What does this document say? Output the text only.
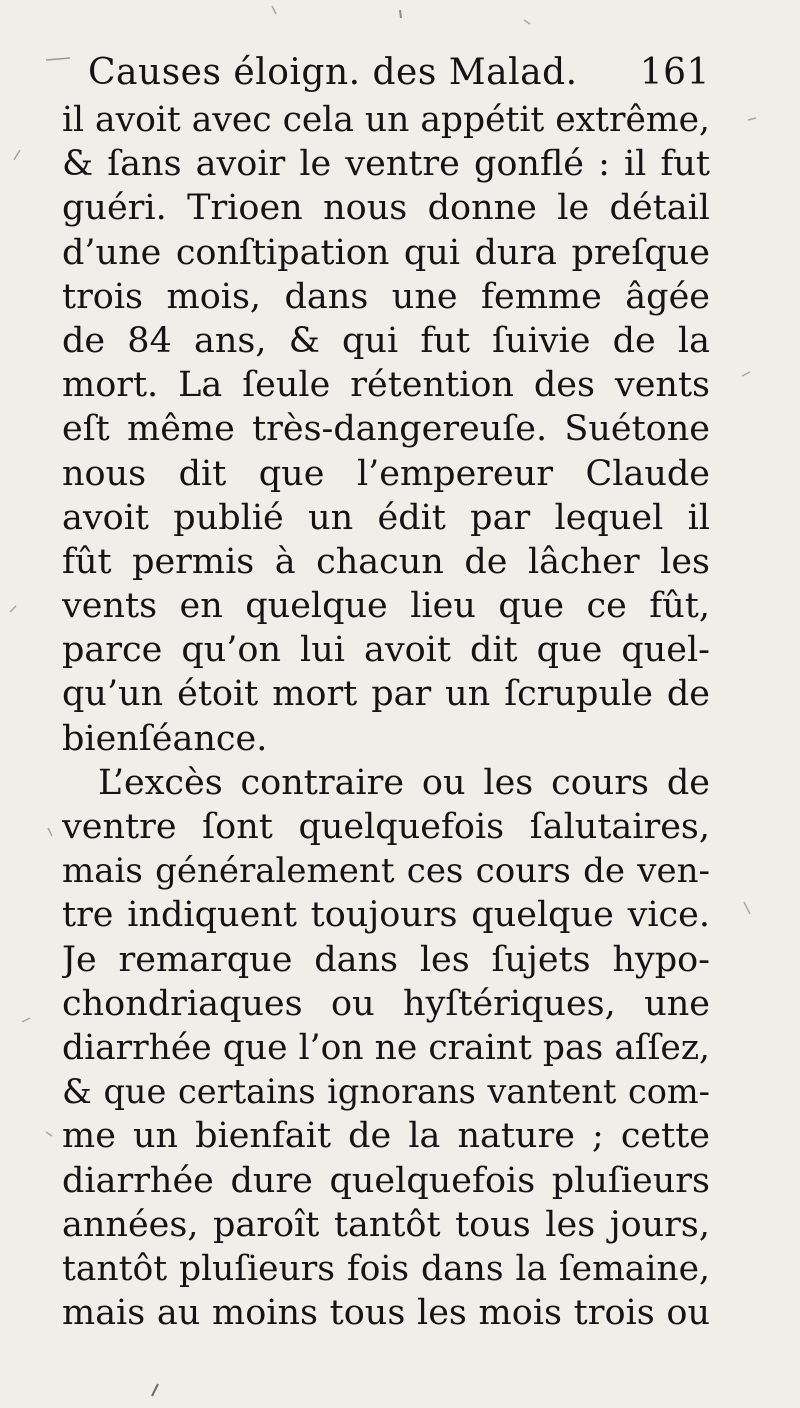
Causes éloign. des Malad. 161
il avoit avec cela un appétit extrême,
& ſans avoir le ventre gonflé : il fut
guéri. Trioen nous donne le détail
d’une conſtipation qui dura preſque
trois mois, dans une femme âgée
de 84 ans, & qui fut ſuivie de la
mort. La ſeule rétention des vents
eſt même très-dangereuſe. Suétone
nous dit que l’empereur Claude
avoit publié un édit par lequel il
fût permis à chacun de lâcher les
vents en quelque lieu que ce fût,
parce qu’on lui avoit dit que quel-
qu’un étoit mort par un ſcrupule de
bienſéance.
L’excès contraire ou les cours de
ventre ſont quelquefois ſalutaires,
mais généralement ces cours de ven-
tre indiquent toujours quelque vice.
Je remarque dans les ſujets hypo-
chondriaques ou hyſtériques, une
diarrhée que l’on ne craint pas aſſez,
& que certains ignorans vantent com-
me un bienfait de la nature ; cette
diarrhée dure quelquefois pluſieurs
années, paroît tantôt tous les jours,
tantôt pluſieurs fois dans la ſemaine,
mais au moins tous les mois trois ou
